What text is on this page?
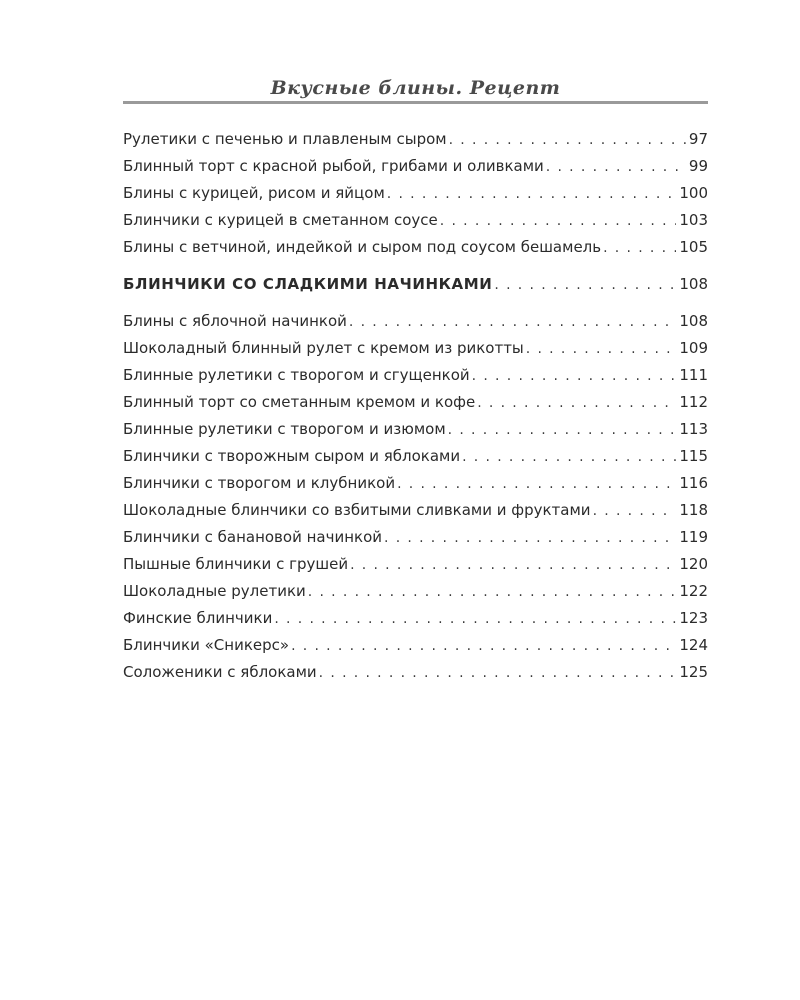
Вкусные блины. Рецепт
Рулетики с печенью и плавленым сыром . . .	97
Блинный торт с красной рыбой, грибами и оливками . . .	99
Блины с курицей, рисом и яйцом . . .	100
Блинчики с курицей в сметанном соусе . . .	103
Блины с ветчиной, индейкой и сыром под соусом бешамель . . .	105
БЛИНЧИКИ СО СЛАДКИМИ НАЧИНКАМИ . . .	108
Блины с яблочной начинкой . . .	108
Шоколадный блинный рулет с кремом из рикотты . . .	109
Блинные рулетики с творогом и сгущенкой . . .	111
Блинный торт со сметанным кремом и кофе . . .	112
Блинные рулетики с творогом и изюмом . . .	113
Блинчики с творожным сыром и яблоками . . .	115
Блинчики с творогом и клубникой . . .	116
Шоколадные блинчики со взбитыми сливками и фруктами . . .	118
Блинчики с банановой начинкой . . .	119
Пышные блинчики с грушей . . .	120
Шоколадные рулетики . . .	122
Финские блинчики . . .	123
Блинчики «Сникерс» . . .	124
Соложеники с яблоками . . .	125
